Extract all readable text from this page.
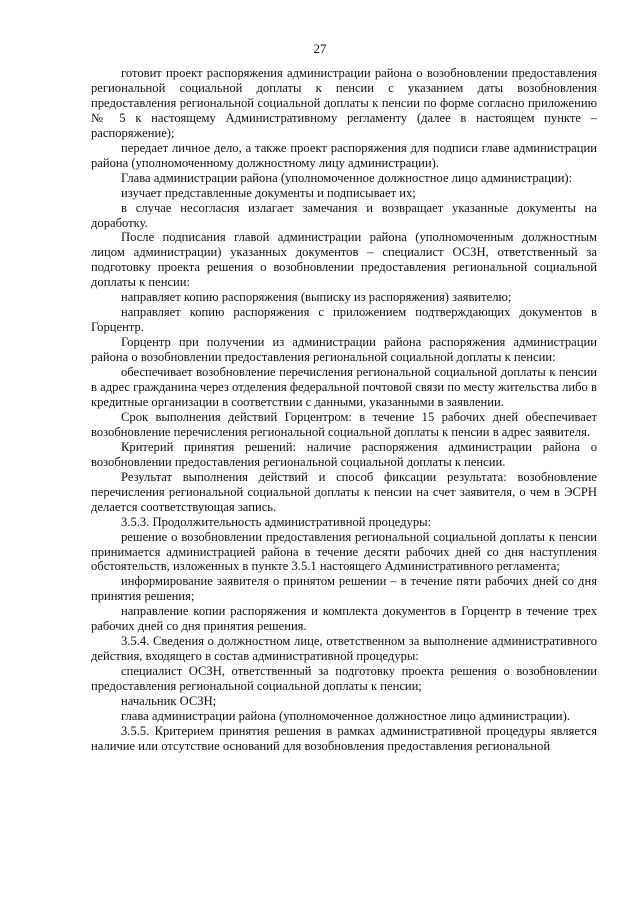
27

готовит проект распоряжения администрации района о возобновлении предоставления региональной социальной доплаты к пенсии с указанием даты возобновления предоставления региональной социальной доплаты к пенсии по форме согласно приложению № 5 к настоящему Административному регламенту (далее в настоящем пункте – распоряжение);

передает личное дело, а также проект распоряжения для подписи главе администрации района (уполномоченному должностному лицу администрации).

Глава администрации района (уполномоченное должностное лицо администрации):

изучает представленные документы и подписывает их;

в случае несогласия излагает замечания и возвращает указанные документы на доработку.

После подписания главой администрации района (уполномоченным должностным лицом администрации) указанных документов – специалист ОСЗН, ответственный за подготовку проекта решения о возобновлении предоставления региональной социальной доплаты к пенсии:

направляет копию распоряжения (выписку из распоряжения) заявителю;

направляет копию распоряжения с приложением подтверждающих документов в Горцентр.

Горцентр при получении из администрации района распоряжения администрации района о возобновлении предоставления региональной социальной доплаты к пенсии:

обеспечивает возобновление перечисления региональной социальной доплаты к пенсии в адрес гражданина через отделения федеральной почтовой связи по месту жительства либо в кредитные организации в соответствии с данными, указанными в заявлении.

Срок выполнения действий Горцентром: в течение 15 рабочих дней обеспечивает возобновление перечисления региональной социальной доплаты к пенсии в адрес заявителя.

Критерий принятия решений: наличие распоряжения администрации района о возобновлении предоставления региональной социальной доплаты к пенсии.

Результат выполнения действий и способ фиксации результата: возобновление перечисления региональной социальной доплаты к пенсии на счет заявителя, о чем в ЭСРН делается соответствующая запись.

3.5.3. Продолжительность административной процедуры:

решение о возобновлении предоставления региональной социальной доплаты к пенсии принимается администрацией района в течение десяти рабочих дней со дня наступления обстоятельств, изложенных в пункте 3.5.1 настоящего Административного регламента;

информирование заявителя о принятом решении – в течение пяти рабочих дней со дня принятия решения;

направление копии распоряжения и комплекта документов в Горцентр в течение трех рабочих дней со дня принятия решения.

3.5.4. Сведения о должностном лице, ответственном за выполнение административного действия, входящего в состав административной процедуры:

специалист ОСЗН, ответственный за подготовку проекта решения о возобновлении предоставления региональной социальной доплаты к пенсии;

начальник ОСЗН;

глава администрации района (уполномоченное должностное лицо администрации).

3.5.5. Критерием принятия решения в рамках административной процедуры является наличие или отсутствие оснований для возобновления предоставления региональной
